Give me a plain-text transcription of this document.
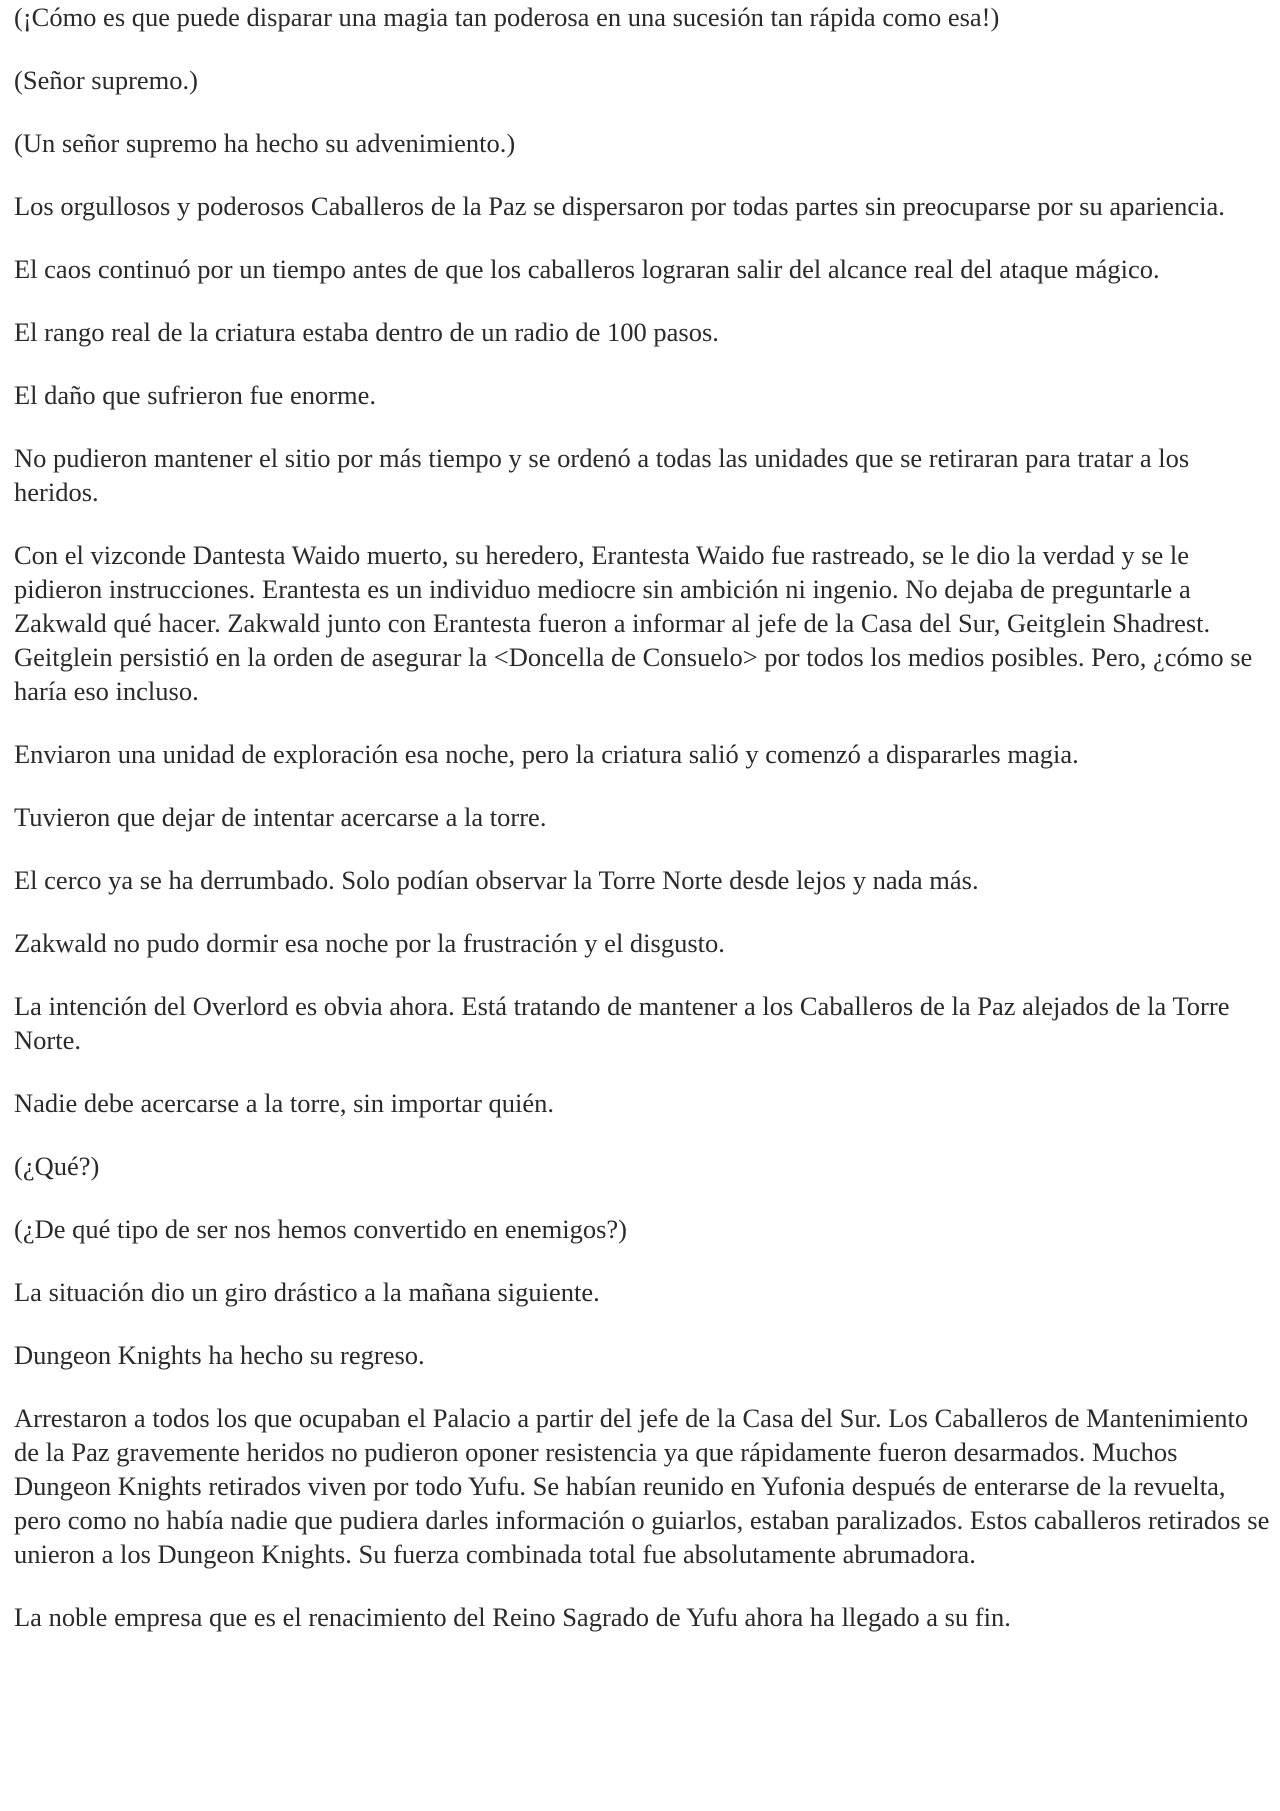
(¡Cómo es que puede disparar una magia tan poderosa en una sucesión tan rápida como esa!)

(Señor supremo.)

(Un señor supremo ha hecho su advenimiento.)

Los orgullosos y poderosos Caballeros de la Paz se dispersaron por todas partes sin preocuparse por su apariencia.

El caos continuó por un tiempo antes de que los caballeros lograran salir del alcance real del ataque mágico.

El rango real de la criatura estaba dentro de un radio de 100 pasos.

El daño que sufrieron fue enorme.

No pudieron mantener el sitio por más tiempo y se ordenó a todas las unidades que se retiraran para tratar a los heridos.

Con el vizconde Dantesta Waido muerto, su heredero, Erantesta Waido fue rastreado, se le dio la verdad y se le pidieron instrucciones. Erantesta es un individuo mediocre sin ambición ni ingenio. No dejaba de preguntarle a Zakwald qué hacer. Zakwald junto con Erantesta fueron a informar al jefe de la Casa del Sur, Geitglein Shadrest. Geitglein persistió en la orden de asegurar la <Doncella de Consuelo> por todos los medios posibles. Pero, ¿cómo se haría eso incluso.

Enviaron una unidad de exploración esa noche, pero la criatura salió y comenzó a dispararles magia.

Tuvieron que dejar de intentar acercarse a la torre.

El cerco ya se ha derrumbado. Solo podían observar la Torre Norte desde lejos y nada más.

Zakwald no pudo dormir esa noche por la frustración y el disgusto.

La intención del Overlord es obvia ahora. Está tratando de mantener a los Caballeros de la Paz alejados de la Torre Norte.

Nadie debe acercarse a la torre, sin importar quién.

(¿Qué?)

(¿De qué tipo de ser nos hemos convertido en enemigos?)

La situación dio un giro drástico a la mañana siguiente.

Dungeon Knights ha hecho su regreso.

Arrestaron a todos los que ocupaban el Palacio a partir del jefe de la Casa del Sur. Los Caballeros de Mantenimiento de la Paz gravemente heridos no pudieron oponer resistencia ya que rápidamente fueron desarmados. Muchos Dungeon Knights retirados viven por todo Yufu. Se habían reunido en Yufonia después de enterarse de la revuelta, pero como no había nadie que pudiera darles información o guiarlos, estaban paralizados. Estos caballeros retirados se unieron a los Dungeon Knights. Su fuerza combinada total fue absolutamente abrumadora.

La noble empresa que es el renacimiento del Reino Sagrado de Yufu ahora ha llegado a su fin.
